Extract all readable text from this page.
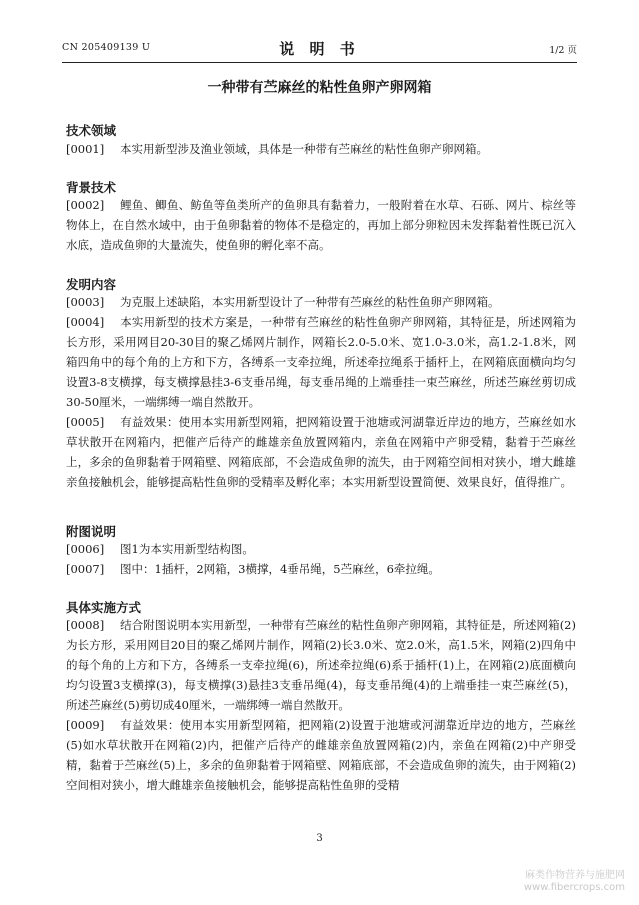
CN 205409139 U	说 明 书	1/2 页
一种带有苎麻丝的粘性鱼卵产卵网箱
技术领域
[0001] 本实用新型涉及渔业领域，具体是一种带有苎麻丝的粘性鱼卵产卵网箱。
背景技术
[0002] 鲤鱼、鲫鱼、鲂鱼等鱼类所产的鱼卵具有黏着力，一般附着在水草、石砾、网片、棕丝等物体上，在自然水域中，由于鱼卵黏着的物体不是稳定的，再加上部分卵粒因未发挥黏着性既已沉入水底，造成鱼卵的大量流失，使鱼卵的孵化率不高。
发明内容
[0003] 为克服上述缺陷，本实用新型设计了一种带有苎麻丝的粘性鱼卵产卵网箱。
[0004] 本实用新型的技术方案是，一种带有苎麻丝的粘性鱼卵产卵网箱，其特征是，所述网箱为长方形，采用网目20-30目的聚乙烯网片制作，网箱长2.0-5.0米、宽1.0-3.0米，高1.2-1.8米，网箱四角中的每个角的上方和下方，各缚系一支牵拉绳，所述牵拉绳系于插杆上，在网箱底面横向均匀设置3-8支横撑，每支横撑悬挂3-6支垂吊绳，每支垂吊绳的上端垂挂一束苎麻丝，所述苎麻丝剪切成30-50厘米，一端绑缚一端自然散开。
[0005] 有益效果：使用本实用新型网箱，把网箱设置于池塘或河湖靠近岸边的地方，苎麻丝如水草状散开在网箱内，把催产后待产的雌雄亲鱼放置网箱内，亲鱼在网箱中产卵受精，黏着于苎麻丝上，多余的鱼卵黏着于网箱壁、网箱底部，不会造成鱼卵的流失，由于网箱空间相对狭小，增大雌雄亲鱼接触机会，能够提高粘性鱼卵的受精率及孵化率；本实用新型设置简便、效果良好，值得推广。
附图说明
[0006] 图1为本实用新型结构图。
[0007] 图中：1插杆，2网箱，3横撑，4垂吊绳，5苎麻丝，6牵拉绳。
具体实施方式
[0008] 结合附图说明本实用新型，一种带有苎麻丝的粘性鱼卵产卵网箱，其特征是，所述网箱(2)为长方形，采用网目20目的聚乙烯网片制作，网箱(2)长3.0米、宽2.0米，高1.5米，网箱(2)四角中的每个角的上方和下方，各缚系一支牵拉绳(6)，所述牵拉绳(6)系于插杆(1)上，在网箱(2)底面横向均匀设置3支横撑(3)，每支横撑(3)悬挂3支垂吊绳(4)，每支垂吊绳(4)的上端垂挂一束苎麻丝(5)，所述苎麻丝(5)剪切成40厘米，一端绑缚一端自然散开。
[0009] 有益效果：使用本实用新型网箱，把网箱(2)设置于池塘或河湖靠近岸边的地方，苎麻丝(5)如水草状散开在网箱(2)内，把催产后待产的雌雄亲鱼放置网箱(2)内，亲鱼在网箱(2)中产卵受精，黏着于苎麻丝(5)上，多余的鱼卵黏着于网箱壁、网箱底部，不会造成鱼卵的流失，由于网箱(2)空间相对狭小，增大雌雄亲鱼接触机会，能够提高粘性鱼卵的受精
3
麻类作物营养与施肥网
www.fibercrops.com
